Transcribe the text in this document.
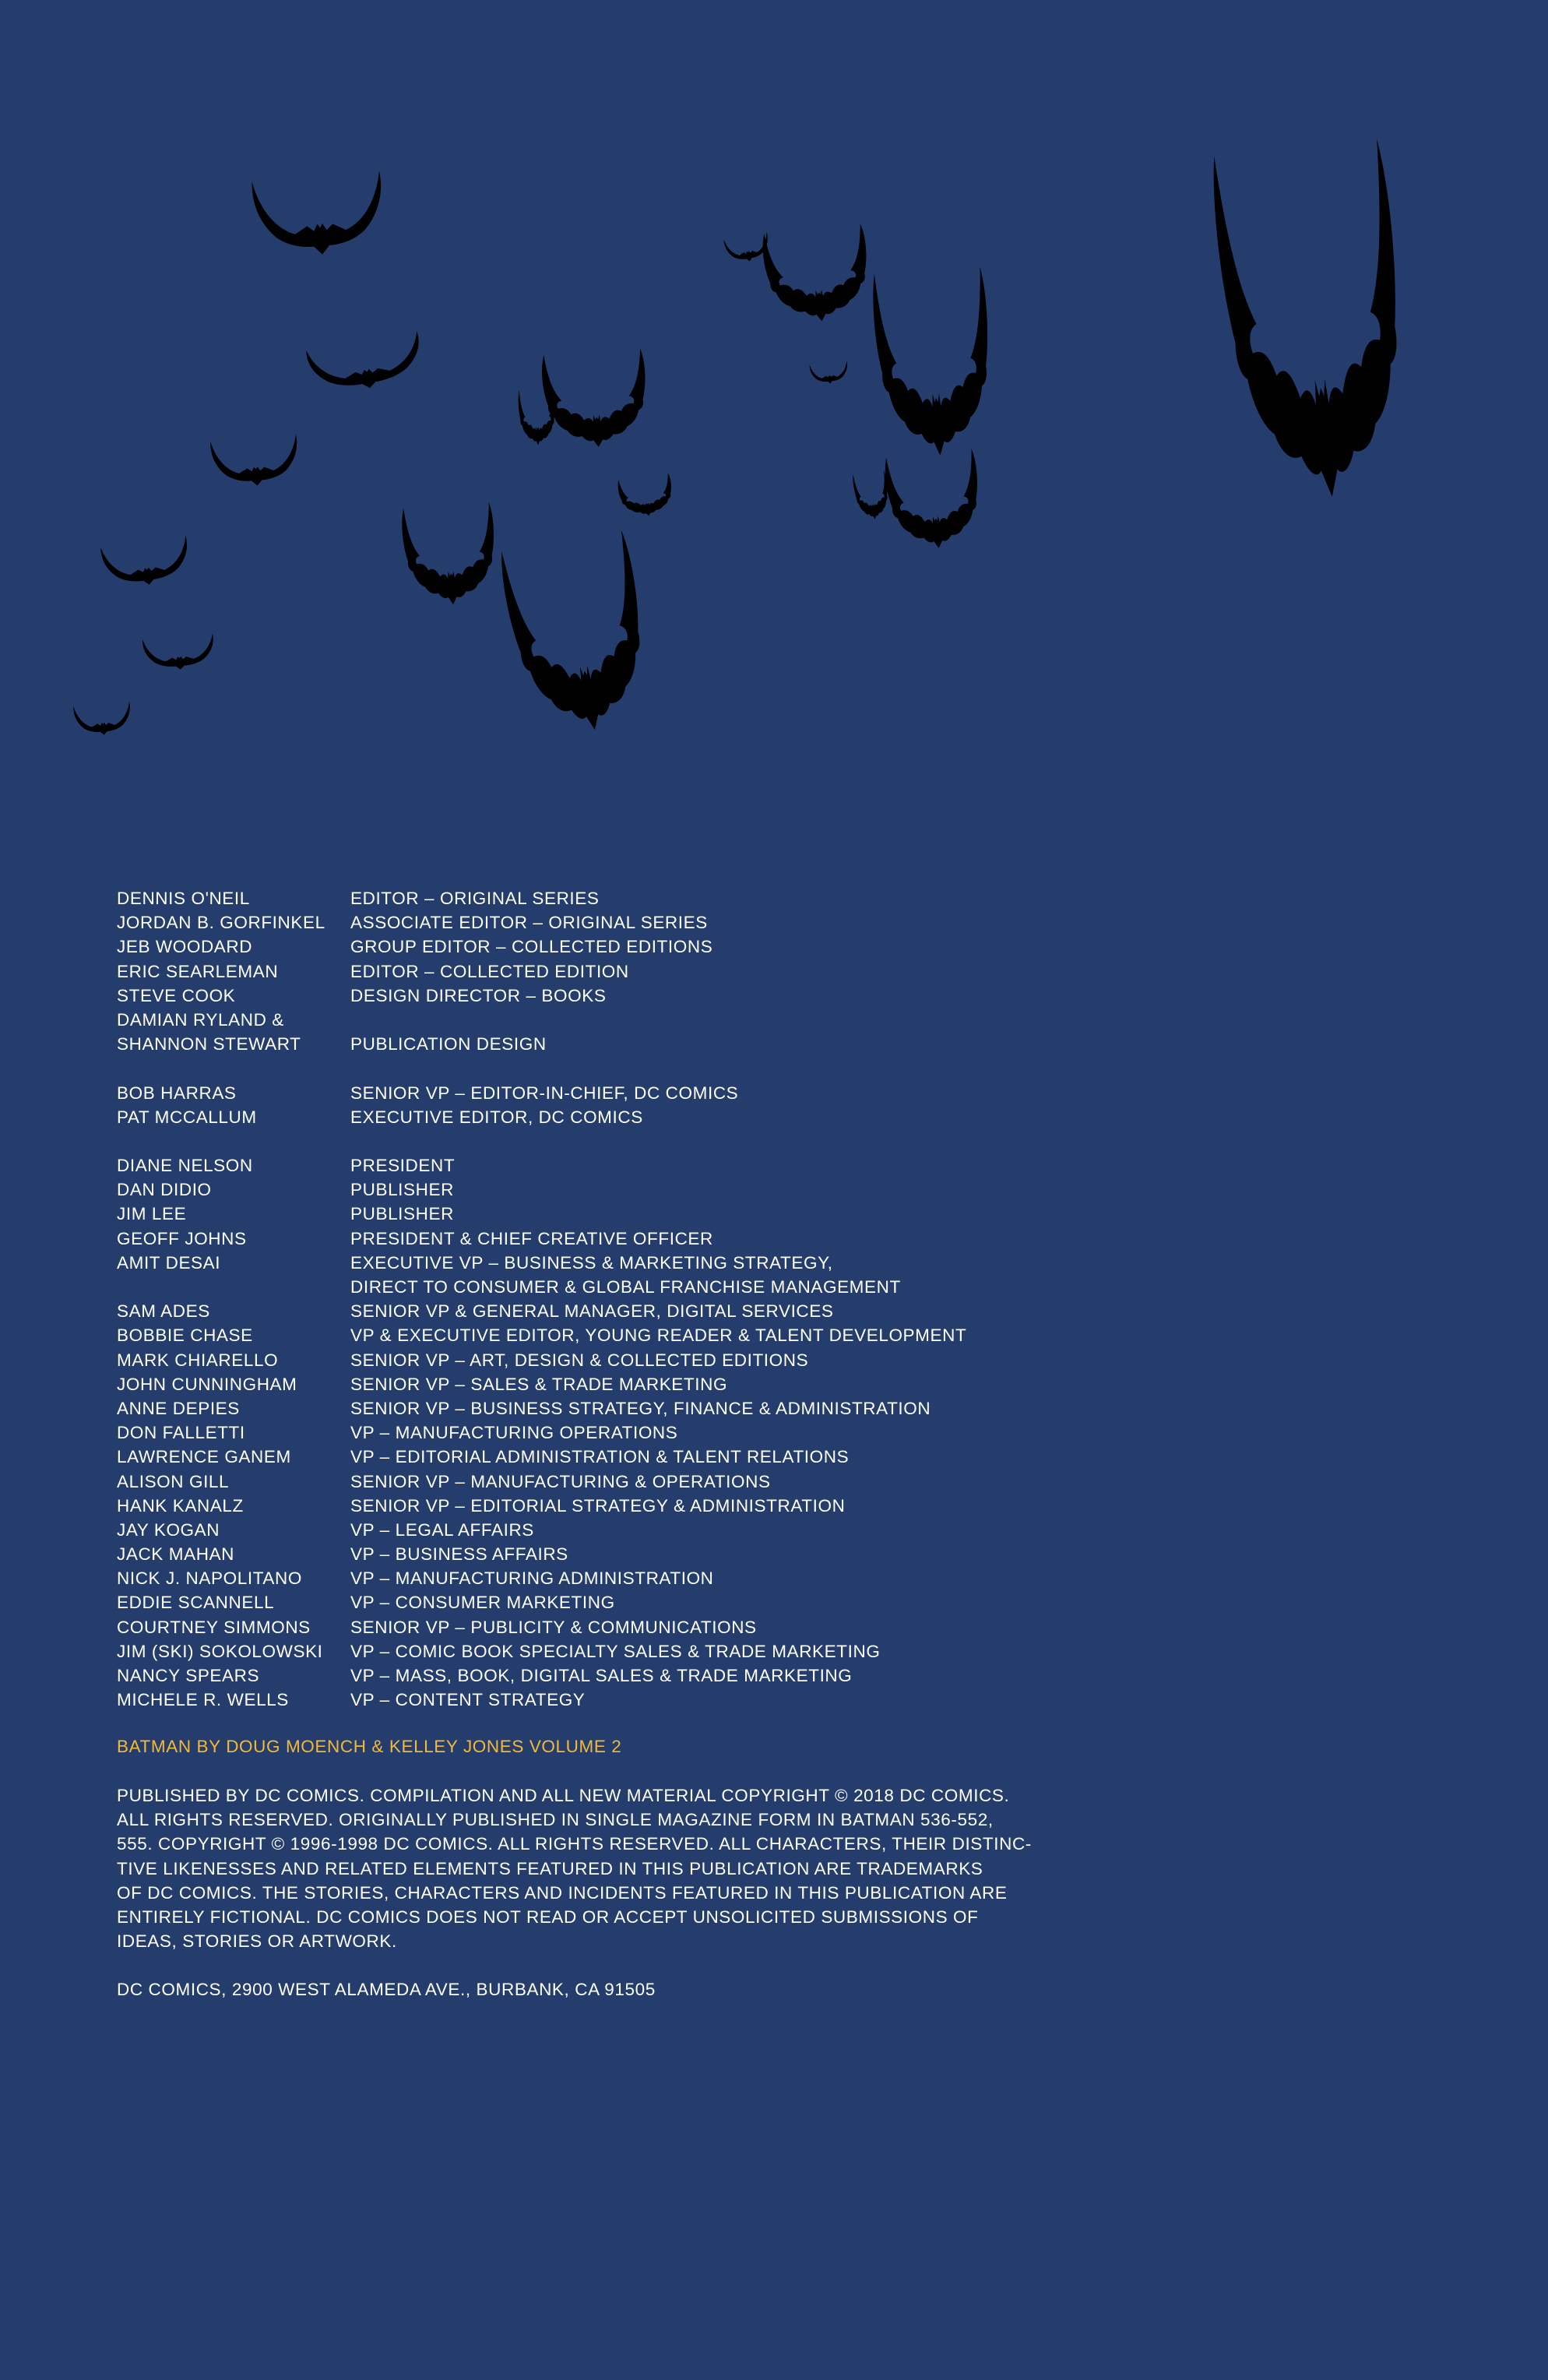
DENNIS O'NEIL	EDITOR – ORIGINAL SERIES
JORDAN B. GORFINKEL	ASSOCIATE EDITOR – ORIGINAL SERIES
JEB WOODARD	GROUP EDITOR – COLLECTED EDITIONS
ERIC SEARLEMAN	EDITOR – COLLECTED EDITION
STEVE COOK	DESIGN DIRECTOR – BOOKS
DAMIAN RYLAND &
SHANNON STEWART	PUBLICATION DESIGN
BOB HARRAS	SENIOR VP – EDITOR-IN-CHIEF, DC COMICS
PAT MCCALLUM	EXECUTIVE EDITOR, DC COMICS
DIANE NELSON	PRESIDENT
DAN DIDIO	PUBLISHER
JIM LEE	PUBLISHER
GEOFF JOHNS	PRESIDENT & CHIEF CREATIVE OFFICER
AMIT DESAI	EXECUTIVE VP – BUSINESS & MARKETING STRATEGY,
DIRECT TO CONSUMER & GLOBAL FRANCHISE MANAGEMENT
SAM ADES	SENIOR VP & GENERAL MANAGER, DIGITAL SERVICES
BOBBIE CHASE	VP & EXECUTIVE EDITOR, YOUNG READER & TALENT DEVELOPMENT
MARK CHIARELLO	SENIOR VP – ART, DESIGN & COLLECTED EDITIONS
JOHN CUNNINGHAM	SENIOR VP – SALES & TRADE MARKETING
ANNE DEPIES	SENIOR VP – BUSINESS STRATEGY, FINANCE & ADMINISTRATION
DON FALLETTI	VP – MANUFACTURING OPERATIONS
LAWRENCE GANEM	VP – EDITORIAL ADMINISTRATION & TALENT RELATIONS
ALISON GILL	SENIOR VP – MANUFACTURING & OPERATIONS
HANK KANALZ	SENIOR VP – EDITORIAL STRATEGY & ADMINISTRATION
JAY KOGAN	VP – LEGAL AFFAIRS
JACK MAHAN	VP – BUSINESS AFFAIRS
NICK J. NAPOLITANO	VP – MANUFACTURING ADMINISTRATION
EDDIE SCANNELL	VP – CONSUMER MARKETING
COURTNEY SIMMONS	SENIOR VP – PUBLICITY & COMMUNICATIONS
JIM (SKI) SOKOLOWSKI	VP – COMIC BOOK SPECIALTY SALES & TRADE MARKETING
NANCY SPEARS	VP – MASS, BOOK, DIGITAL SALES & TRADE MARKETING
MICHELE R. WELLS	VP – CONTENT STRATEGY
BATMAN BY DOUG MOENCH & KELLEY JONES VOLUME 2
PUBLISHED BY DC COMICS. COMPILATION AND ALL NEW MATERIAL COPYRIGHT © 2018 DC COMICS.
ALL RIGHTS RESERVED. ORIGINALLY PUBLISHED IN SINGLE MAGAZINE FORM IN BATMAN 536-552,
555. COPYRIGHT © 1996-1998 DC COMICS. ALL RIGHTS RESERVED. ALL CHARACTERS, THEIR DISTINC-
TIVE LIKENESSES AND RELATED ELEMENTS FEATURED IN THIS PUBLICATION ARE TRADEMARKS
OF DC COMICS. THE STORIES, CHARACTERS AND INCIDENTS FEATURED IN THIS PUBLICATION ARE
ENTIRELY FICTIONAL. DC COMICS DOES NOT READ OR ACCEPT UNSOLICITED SUBMISSIONS OF
IDEAS, STORIES OR ARTWORK.
DC COMICS, 2900 WEST ALAMEDA AVE., BURBANK, CA 91505
